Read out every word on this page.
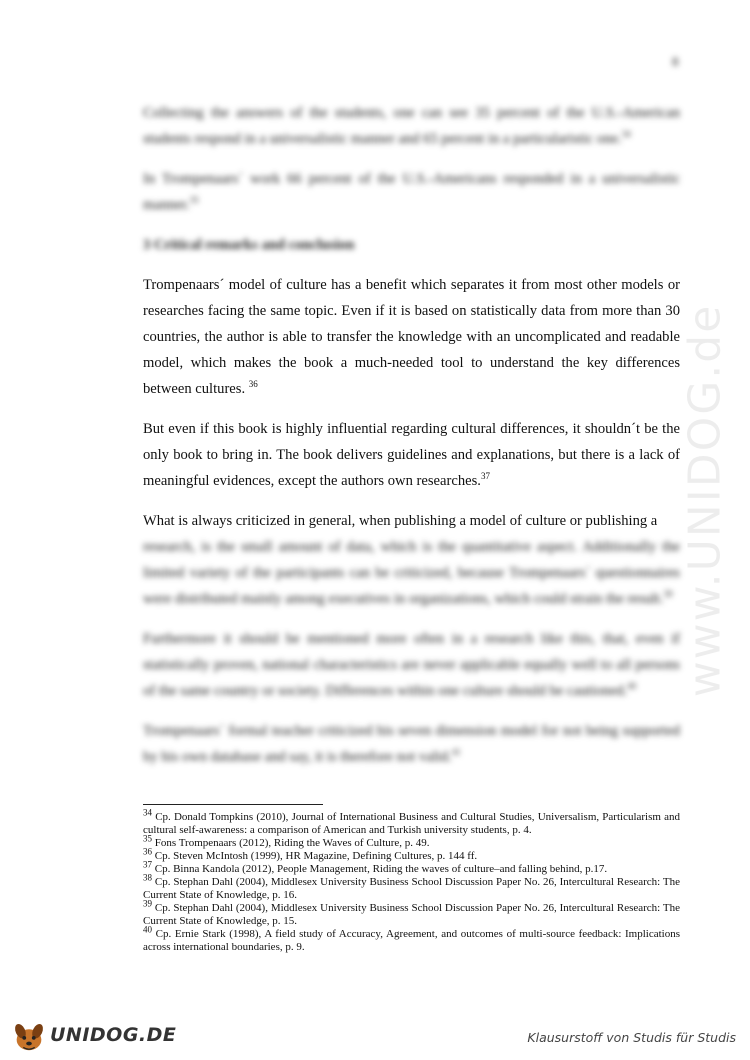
8
www.UNIDOG.de

Collecting the answers of the students, one can see 35 percent of the U.S.-American students respond in a universalistic manner and 65 percent in a particularistic one.$^{34}$

In Trompenaars´ work 66 percent of the U.S.-Americans responded in a universalistic manner.$^{35}$

3 Critical remarks and conclusion

Trompenaars´ model of culture has a benefit which separates it from most other models or researches facing the same topic. Even if it is based on statistically data from more than 30 countries, the author is able to transfer the knowledge with an uncomplicated and readable model, which makes the book a much-needed tool to understand the key differences between cultures. $^{36}$

But even if this book is highly influential regarding cultural differences, it shouldn´t be the only book to bring in. The book delivers guidelines and explanations, but there is a lack of meaningful evidences, except the authors own researches.$^{37}$

What is always criticized in general, when publishing a model of culture or publishing a

research, is the small amount of data, which is the quantitative aspect. Additionally the limited variety of the participants can be criticized, because Trompenaars´ questionnaires were distributed mainly among executives in organizations, which could strain the result.$^{39}$

Furthermore it should be mentioned more often in a research like this, that, even if statistically proven, national characteristics are never applicable equally well to all persons of the same country or society. Differences within one culture should be cautioned.$^{40}$

Trompenaars´ formal teacher criticized his seven dimension model for not being supported by his own database and say, it is therefore not valid.$^{41}$

$^{34}$ Cp. Donald Tompkins (2010), Journal of International Business and Cultural Studies, Universalism, Particularism and cultural self-awareness: a comparison of American and Turkish university students, p. 4.

$^{35}$ Fons Trompenaars (2012), Riding the Waves of Culture, p. 49.

$^{36}$ Cp. Steven McIntosh (1999), HR Magazine, Defining Cultures, p. 144 ff.

$^{37}$ Cp. Binna Kandola (2012), People Management, Riding the waves of culture–and falling behind, p.17.

$^{38}$ Cp. Stephan Dahl (2004), Middlesex University Business School Discussion Paper No. 26, Intercultural Research: The Current State of Knowledge, p. 16.

$^{39}$ Cp. Stephan Dahl (2004), Middlesex University Business School Discussion Paper No. 26, Intercultural Research: The Current State of Knowledge, p. 15.

$^{40}$ Cp. Ernie Stark (1998), A field study of Accuracy, Agreement, and outcomes of multi-source feedback: Implications across international boundaries, p. 9.

UNIDOG.DE	Klausurstoff von Studis für Studis
